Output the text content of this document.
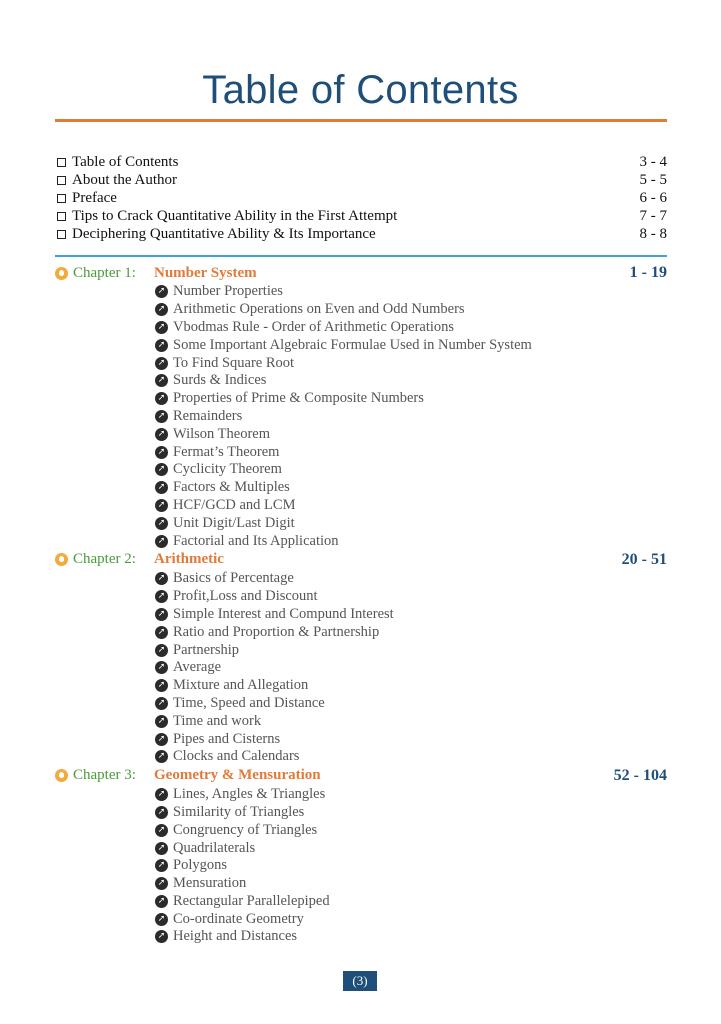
Table of Contents
Table of Contents	3 - 4
About the Author	5 - 5
Preface	6 - 6
Tips to Crack Quantitative Ability in the First Attempt	7 - 7
Deciphering Quantitative Ability & Its Importance	8 - 8
Chapter 1:	Number System	1 - 19
➚ Number Properties
➚ Arithmetic Operations on Even and Odd Numbers
➚ Vbodmas Rule - Order of Arithmetic Operations
➚ Some Important Algebraic Formulae Used in Number System
➚ To Find Square Root
➚ Surds & Indices
➚ Properties of Prime & Composite Numbers
➚ Remainders
➚ Wilson Theorem
➚ Fermat’s Theorem
➚ Cyclicity Theorem
➚ Factors & Multiples
➚ HCF/GCD and LCM
➚ Unit Digit/Last Digit
➚ Factorial and Its Application
Chapter 2:	Arithmetic	20 - 51
➚ Basics of Percentage
➚ Profit,Loss and Discount
➚ Simple Interest and Compund Interest
➚ Ratio and Proportion & Partnership
➚ Partnership
➚ Average
➚ Mixture and Allegation
➚ Time, Speed and Distance
➚ Time and work
➚ Pipes and Cisterns
➚ Clocks and Calendars
Chapter 3:	Geometry & Mensuration	52 - 104
➚ Lines, Angles & Triangles
➚ Similarity of Triangles
➚ Congruency of Triangles
➚ Quadrilaterals
➚ Polygons
➚ Mensuration
➚ Rectangular Parallelepiped
➚ Co-ordinate Geometry
➚ Height and Distances
(3)
